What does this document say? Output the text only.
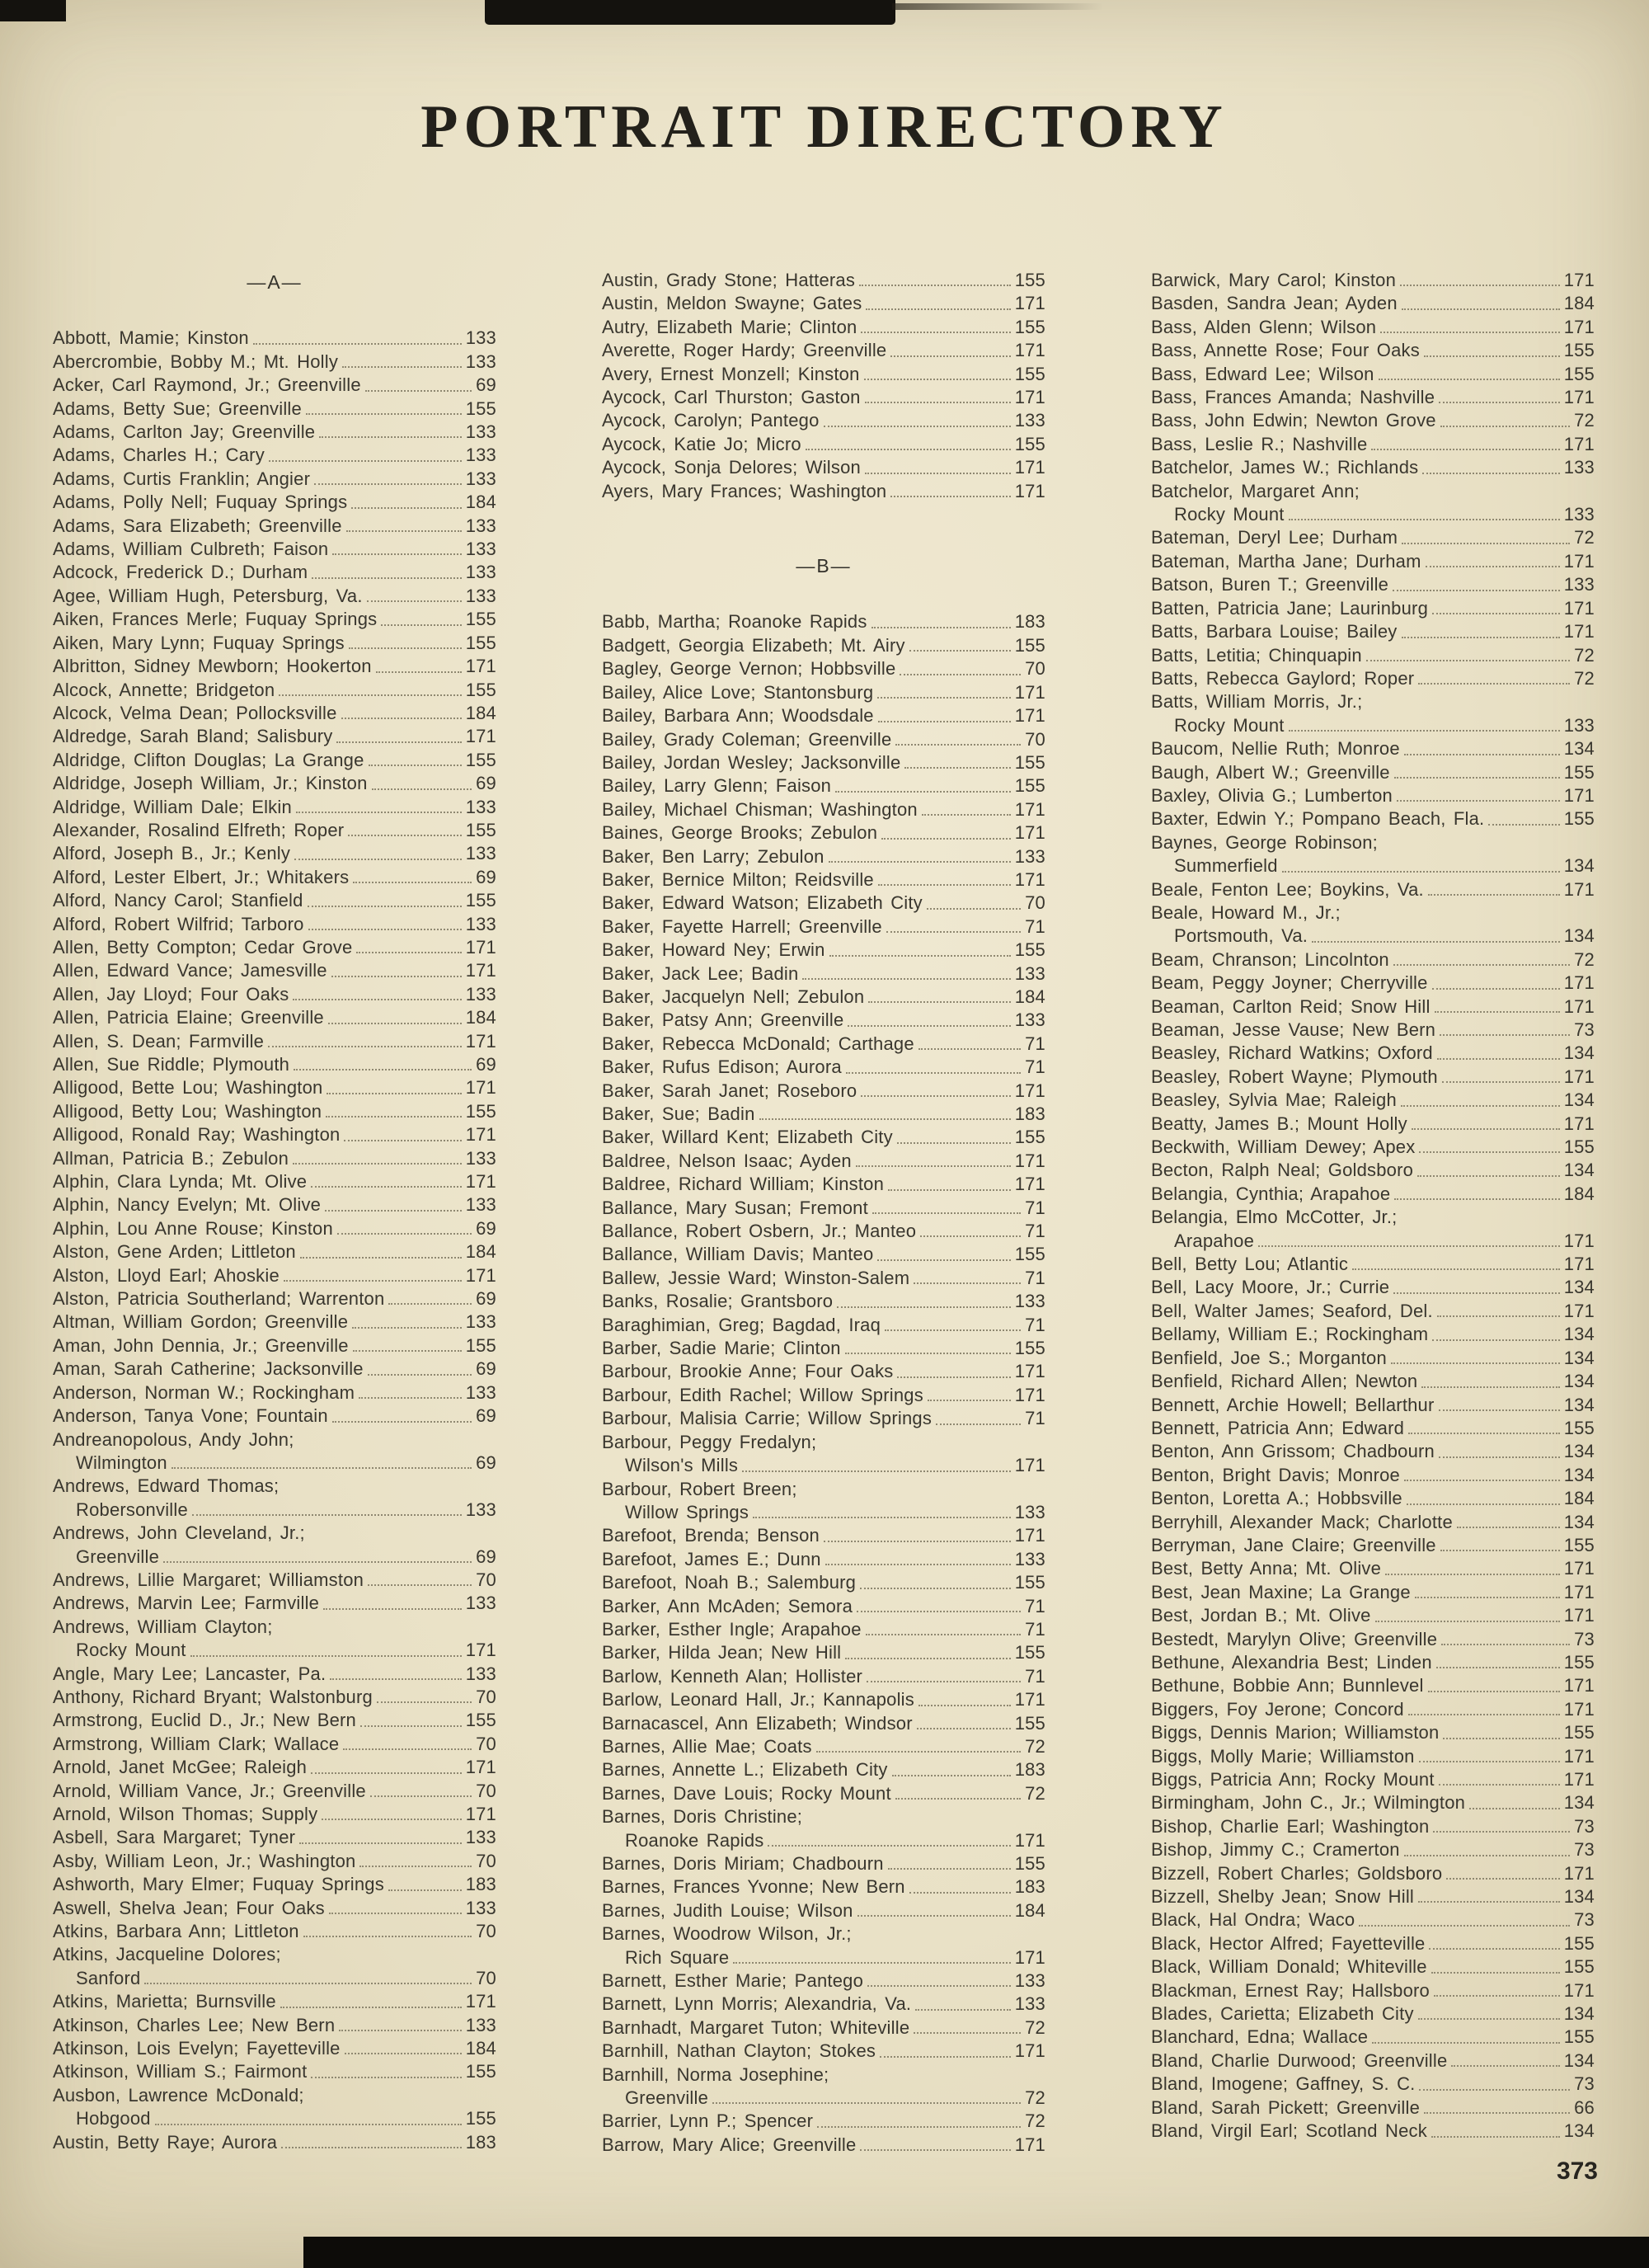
PORTRAIT DIRECTORY
—A—
Abbott, Mamie; Kinston	133
Abercrombie, Bobby M.; Mt. Holly	133
Acker, Carl Raymond, Jr.; Greenville	69
Adams, Betty Sue; Greenville	155
Adams, Carlton Jay; Greenville	133
Adams, Charles H.; Cary	133
Adams, Curtis Franklin; Angier	133
Adams, Polly Nell; Fuquay Springs	184
Adams, Sara Elizabeth; Greenville	133
Adams, William Culbreth; Faison	133
Adcock, Frederick D.; Durham	133
Agee, William Hugh, Petersburg, Va.	133
Aiken, Frances Merle; Fuquay Springs	155
Aiken, Mary Lynn; Fuquay Springs	155
Albritton, Sidney Mewborn; Hookerton	171
Alcock, Annette; Bridgeton	155
Alcock, Velma Dean; Pollocksville	184
Aldredge, Sarah Bland; Salisbury	171
Aldridge, Clifton Douglas; La Grange	155
Aldridge, Joseph William, Jr.; Kinston	69
Aldridge, William Dale; Elkin	133
Alexander, Rosalind Elfreth; Roper	155
Alford, Joseph B., Jr.; Kenly	133
Alford, Lester Elbert, Jr.; Whitakers	69
Alford, Nancy Carol; Stanfield	155
Alford, Robert Wilfrid; Tarboro	133
Allen, Betty Compton; Cedar Grove	171
Allen, Edward Vance; Jamesville	171
Allen, Jay Lloyd; Four Oaks	133
Allen, Patricia Elaine; Greenville	184
Allen, S. Dean; Farmville	171
Allen, Sue Riddle; Plymouth	69
Alligood, Bette Lou; Washington	171
Alligood, Betty Lou; Washington	155
Alligood, Ronald Ray; Washington	171
Allman, Patricia B.; Zebulon	133
Alphin, Clara Lynda; Mt. Olive	171
Alphin, Nancy Evelyn; Mt. Olive	133
Alphin, Lou Anne Rouse; Kinston	69
Alston, Gene Arden; Littleton	184
Alston, Lloyd Earl; Ahoskie	171
Alston, Patricia Southerland; Warrenton	69
Altman, William Gordon; Greenville	133
Aman, John Dennia, Jr.; Greenville	155
Aman, Sarah Catherine; Jacksonville	69
Anderson, Norman W.; Rockingham	133
Anderson, Tanya Vone; Fountain	69
Andreanopolous, Andy John;
Wilmington	69
Andrews, Edward Thomas;
Robersonville	133
Andrews, John Cleveland, Jr.;
Greenville	69
Andrews, Lillie Margaret; Williamston	70
Andrews, Marvin Lee; Farmville	133
Andrews, William Clayton;
Rocky Mount	171
Angle, Mary Lee; Lancaster, Pa.	133
Anthony, Richard Bryant; Walstonburg	70
Armstrong, Euclid D., Jr.; New Bern	155
Armstrong, William Clark; Wallace	70
Arnold, Janet McGee; Raleigh	171
Arnold, William Vance, Jr.; Greenville	70
Arnold, Wilson Thomas; Supply	171
Asbell, Sara Margaret; Tyner	133
Asby, William Leon, Jr.; Washington	70
Ashworth, Mary Elmer; Fuquay Springs	183
Aswell, Shelva Jean; Four Oaks	133
Atkins, Barbara Ann; Littleton	70
Atkins, Jacqueline Dolores;
Sanford	70
Atkins, Marietta; Burnsville	171
Atkinson, Charles Lee; New Bern	133
Atkinson, Lois Evelyn; Fayetteville	184
Atkinson, William S.; Fairmont	155
Ausbon, Lawrence McDonald;
Hobgood	155
Austin, Betty Raye; Aurora	183
Austin, Grady Stone; Hatteras	155
Austin, Meldon Swayne; Gates	171
Autry, Elizabeth Marie; Clinton	155
Averette, Roger Hardy; Greenville	171
Avery, Ernest Monzell; Kinston	155
Aycock, Carl Thurston; Gaston	171
Aycock, Carolyn; Pantego	133
Aycock, Katie Jo; Micro	155
Aycock, Sonja Delores; Wilson	171
Ayers, Mary Frances; Washington	171
—B—
Babb, Martha; Roanoke Rapids	183
Badgett, Georgia Elizabeth; Mt. Airy	155
Bagley, George Vernon; Hobbsville	70
Bailey, Alice Love; Stantonsburg	171
Bailey, Barbara Ann; Woodsdale	171
Bailey, Grady Coleman; Greenville	70
Bailey, Jordan Wesley; Jacksonville	155
Bailey, Larry Glenn; Faison	155
Bailey, Michael Chisman; Washington	171
Baines, George Brooks; Zebulon	171
Baker, Ben Larry; Zebulon	133
Baker, Bernice Milton; Reidsville	171
Baker, Edward Watson; Elizabeth City	70
Baker, Fayette Harrell; Greenville	71
Baker, Howard Ney; Erwin	155
Baker, Jack Lee; Badin	133
Baker, Jacquelyn Nell; Zebulon	184
Baker, Patsy Ann; Greenville	133
Baker, Rebecca McDonald; Carthage	71
Baker, Rufus Edison; Aurora	71
Baker, Sarah Janet; Roseboro	171
Baker, Sue; Badin	183
Baker, Willard Kent; Elizabeth City	155
Baldree, Nelson Isaac; Ayden	171
Baldree, Richard William; Kinston	171
Ballance, Mary Susan; Fremont	71
Ballance, Robert Osbern, Jr.; Manteo	71
Ballance, William Davis; Manteo	155
Ballew, Jessie Ward; Winston-Salem	71
Banks, Rosalie; Grantsboro	133
Baraghimian, Greg; Bagdad, Iraq	71
Barber, Sadie Marie; Clinton	155
Barbour, Brookie Anne; Four Oaks	171
Barbour, Edith Rachel; Willow Springs	171
Barbour, Malisia Carrie; Willow Springs	71
Barbour, Peggy Fredalyn;
Wilson's Mills	171
Barbour, Robert Breen;
Willow Springs	133
Barefoot, Brenda; Benson	171
Barefoot, James E.; Dunn	133
Barefoot, Noah B.; Salemburg	155
Barker, Ann McAden; Semora	71
Barker, Esther Ingle; Arapahoe	71
Barker, Hilda Jean; New Hill	155
Barlow, Kenneth Alan; Hollister	71
Barlow, Leonard Hall, Jr.; Kannapolis	171
Barnacascel, Ann Elizabeth; Windsor	155
Barnes, Allie Mae; Coats	72
Barnes, Annette L.; Elizabeth City	183
Barnes, Dave Louis; Rocky Mount	72
Barnes, Doris Christine;
Roanoke Rapids	171
Barnes, Doris Miriam; Chadbourn	155
Barnes, Frances Yvonne; New Bern	183
Barnes, Judith Louise; Wilson	184
Barnes, Woodrow Wilson, Jr.;
Rich Square	171
Barnett, Esther Marie; Pantego	133
Barnett, Lynn Morris; Alexandria, Va.	133
Barnhadt, Margaret Tuton; Whiteville	72
Barnhill, Nathan Clayton; Stokes	171
Barnhill, Norma Josephine;
Greenville	72
Barrier, Lynn P.; Spencer	72
Barrow, Mary Alice; Greenville	171
Barwick, Mary Carol; Kinston	171
Basden, Sandra Jean; Ayden	184
Bass, Alden Glenn; Wilson	171
Bass, Annette Rose; Four Oaks	155
Bass, Edward Lee; Wilson	155
Bass, Frances Amanda; Nashville	171
Bass, John Edwin; Newton Grove	72
Bass, Leslie R.; Nashville	171
Batchelor, James W.; Richlands	133
Batchelor, Margaret Ann;
Rocky Mount	133
Bateman, Deryl Lee; Durham	72
Bateman, Martha Jane; Durham	171
Batson, Buren T.; Greenville	133
Batten, Patricia Jane; Laurinburg	171
Batts, Barbara Louise; Bailey	171
Batts, Letitia; Chinquapin	72
Batts, Rebecca Gaylord; Roper	72
Batts, William Morris, Jr.;
Rocky Mount	133
Baucom, Nellie Ruth; Monroe	134
Baugh, Albert W.; Greenville	155
Baxley, Olivia G.; Lumberton	171
Baxter, Edwin Y.; Pompano Beach, Fla.	155
Baynes, George Robinson;
Summerfield	134
Beale, Fenton Lee; Boykins, Va.	171
Beale, Howard M., Jr.;
Portsmouth, Va.	134
Beam, Chranson; Lincolnton	72
Beam, Peggy Joyner; Cherryville	171
Beaman, Carlton Reid; Snow Hill	171
Beaman, Jesse Vause; New Bern	73
Beasley, Richard Watkins; Oxford	134
Beasley, Robert Wayne; Plymouth	171
Beasley, Sylvia Mae; Raleigh	134
Beatty, James B.; Mount Holly	171
Beckwith, William Dewey; Apex	155
Becton, Ralph Neal; Goldsboro	134
Belangia, Cynthia; Arapahoe	184
Belangia, Elmo McCotter, Jr.;
Arapahoe	171
Bell, Betty Lou; Atlantic	171
Bell, Lacy Moore, Jr.; Currie	134
Bell, Walter James; Seaford, Del.	171
Bellamy, William E.; Rockingham	134
Benfield, Joe S.; Morganton	134
Benfield, Richard Allen; Newton	134
Bennett, Archie Howell; Bellarthur	134
Bennett, Patricia Ann; Edward	155
Benton, Ann Grissom; Chadbourn	134
Benton, Bright Davis; Monroe	134
Benton, Loretta A.; Hobbsville	184
Berryhill, Alexander Mack; Charlotte	134
Berryman, Jane Claire; Greenville	155
Best, Betty Anna; Mt. Olive	171
Best, Jean Maxine; La Grange	171
Best, Jordan B.; Mt. Olive	171
Bestedt, Marylyn Olive; Greenville	73
Bethune, Alexandria Best; Linden	155
Bethune, Bobbie Ann; Bunnlevel	171
Biggers, Foy Jerone; Concord	171
Biggs, Dennis Marion; Williamston	155
Biggs, Molly Marie; Williamston	171
Biggs, Patricia Ann; Rocky Mount	171
Birmingham, John C., Jr.; Wilmington	134
Bishop, Charlie Earl; Washington	73
Bishop, Jimmy C.; Cramerton	73
Bizzell, Robert Charles; Goldsboro	171
Bizzell, Shelby Jean; Snow Hill	134
Black, Hal Ondra; Waco	73
Black, Hector Alfred; Fayetteville	155
Black, William Donald; Whiteville	155
Blackman, Ernest Ray; Hallsboro	171
Blades, Carietta; Elizabeth City	134
Blanchard, Edna; Wallace	155
Bland, Charlie Durwood; Greenville	134
Bland, Imogene; Gaffney, S. C.	73
Bland, Sarah Pickett; Greenville	66
Bland, Virgil Earl; Scotland Neck	134
373
